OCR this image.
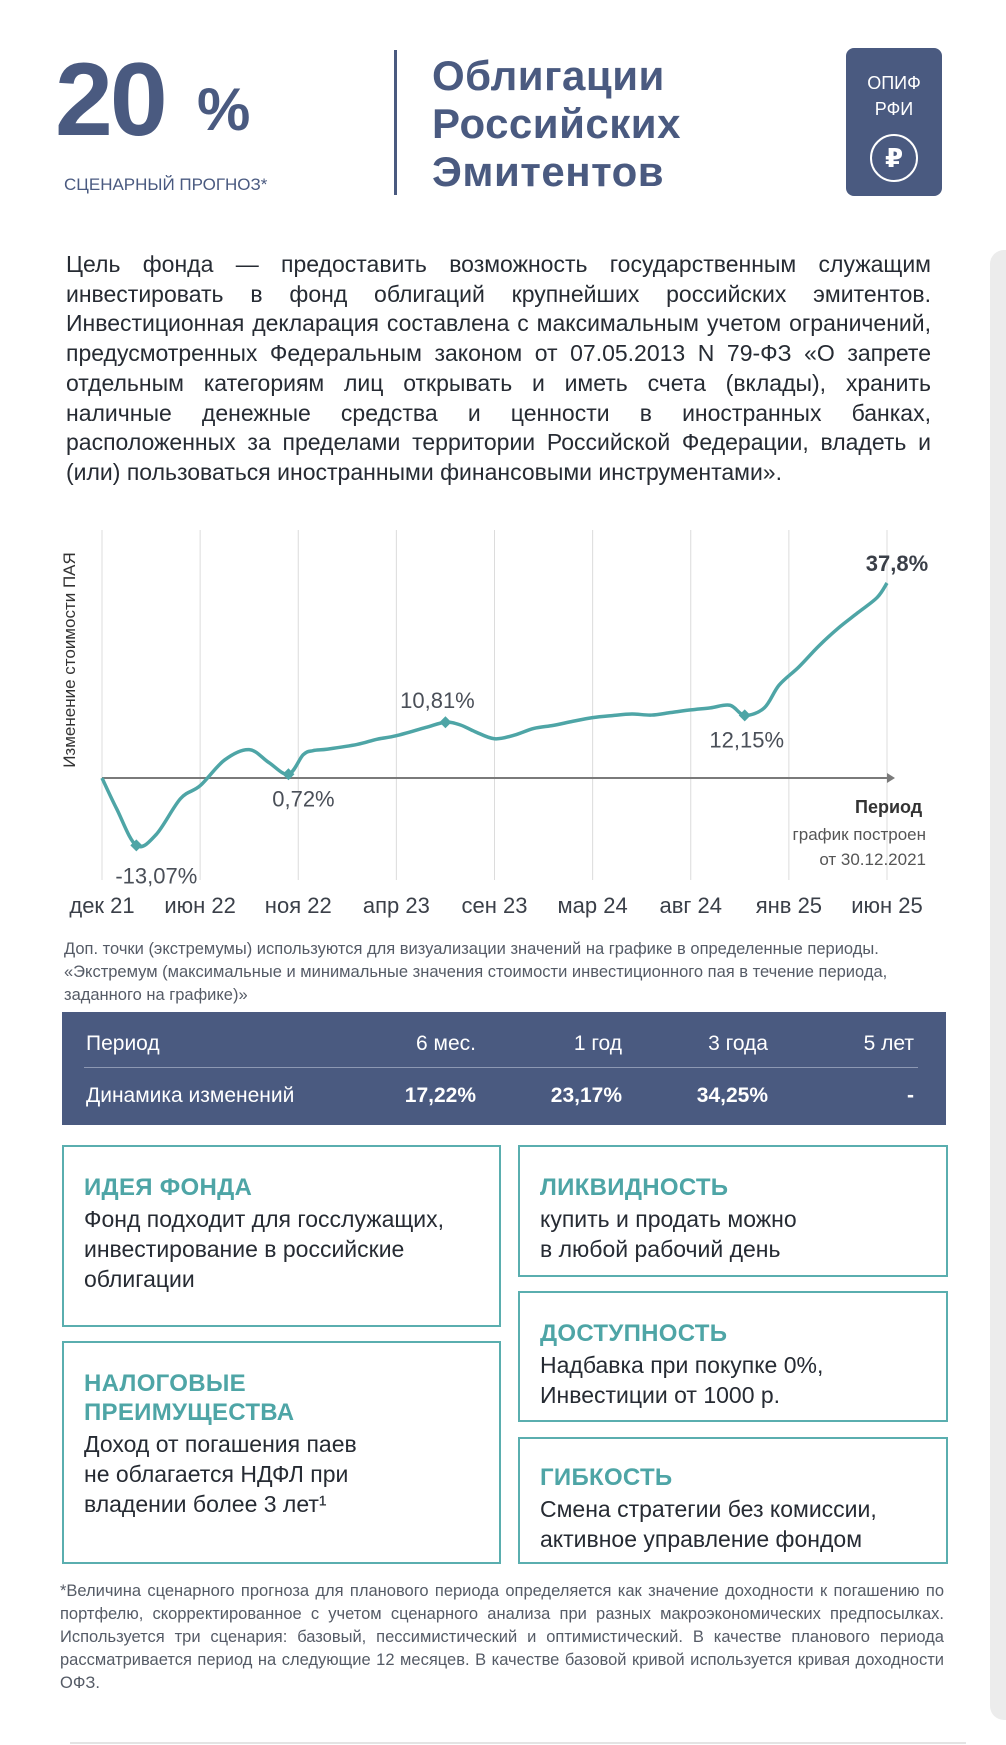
20 %
СЦЕНАРНЫЙ ПРОГНОЗ*
Облигации
Российских
Эмитентов
ОПИФ
РФИ
₽
Цель фонда — предоставить возможность государственным служащим инвестировать в фонд облигаций крупнейших российских эмитентов. Инвестиционная декларация составлена с максимальным учетом ограничений, предусмотренных Федеральным законом от 07.05.2013 N 79-ФЗ «О запрете отдельным категориям лиц открывать и иметь счета (вклады), хранить наличные денежные средства и ценности в иностранных банках, расположенных за пределами территории Российской Федерации, владеть и (или) пользоваться иностранными финансовыми инструментами».
-13,07%
0,72%
10,81%
12,15%
37,8%
Изменение стоимости ПАЯ
Период
график построен
от 30.12.2021
дек 21 июн 22 ноя 22 апр 23 сен 23 мар 24 авг 24 янв 25 июн 25
Доп. точки (экстремумы) используются для визуализации значений на графике в определенные периоды. «Экстремум (максимальные и минимальные значения стоимости инвестиционного пая в течение периода, заданного на графике)»
Период	6 мес.	1 год	3 года	5 лет
Динамика изменений	17,22%	23,17%	34,25%	-
ИДЕЯ ФОНДА
Фонд подходит для госслужащих,
инвестирование в российские
облигации
ЛИКВИДНОСТЬ
купить и продать можно
в любой рабочий день
ДОСТУПНОСТЬ
Надбавка при покупке 0%,
Инвестиции от 1000 р.
НАЛОГОВЫЕ
ПРЕИМУЩЕСТВА
Доход от погашения паев
не облагается НДФЛ при
владении более 3 лет¹
ГИБКОСТЬ
Смена стратегии без комиссии,
активное управление фондом
*Величина сценарного прогноза для планового периода определяется как значение доходности к погашению по портфелю, скорректированное с учетом сценарного анализа при разных макроэкономических предпосылках. Используется три сценария: базовый, пессимистический и оптимистический. В качестве планового периода рассматривается период на следующие 12 месяцев. В качестве базовой кривой используется кривая доходности ОФЗ.
